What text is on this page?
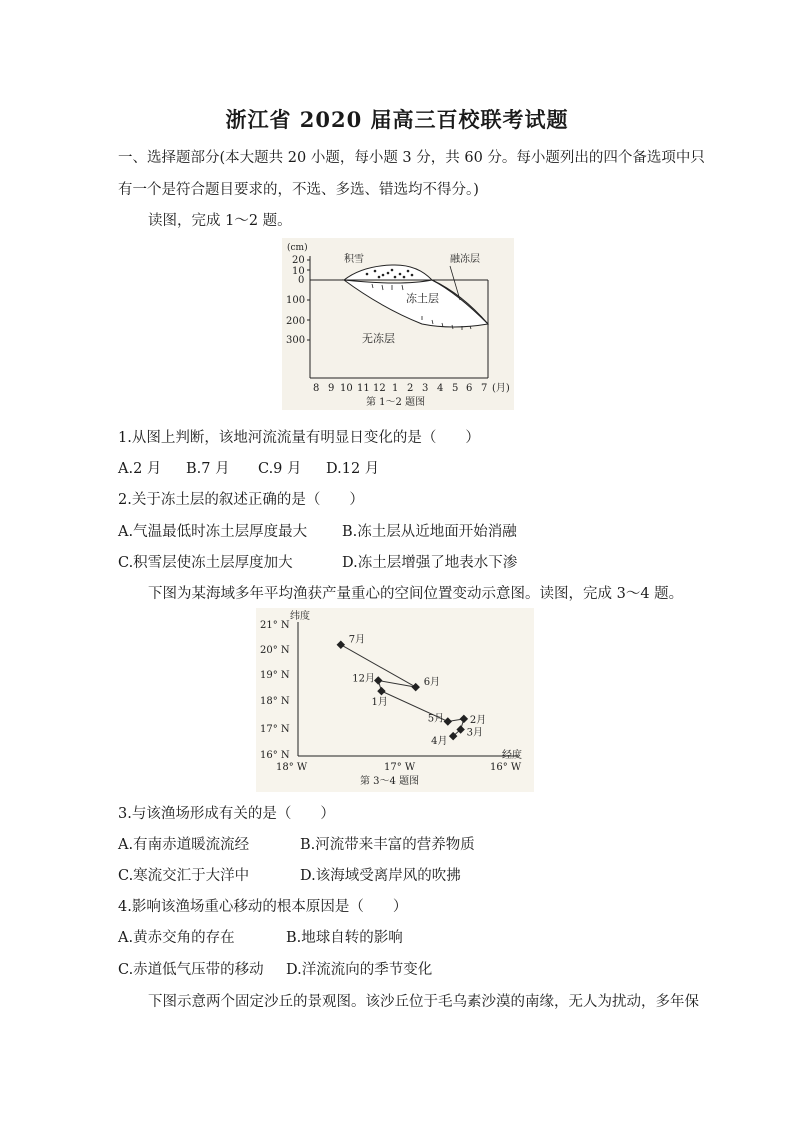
浙江省 2020 届高三百校联考试题
一、选择题部分(本大题共 20 小题，每小题 3 分，共 60 分。每小题列出的四个备选项中只
有一个是符合题目要求的，不选、多选、错选均不得分。)
读图，完成 1～2 题。
(cm)
20
10
0
100
200
300
积雪	融冻层
冻土层
无冻层
8 9 10 11 12 1 2 3 4 5 6 7 (月)
第 1～2 题图
1.从图上判断，该地河流流量有明显日变化的是（　　）
A.2 月 B.7 月 C.9 月 D.12 月
2.关于冻土层的叙述正确的是（　　）
A.气温最低时冻土层厚度最大 B.冻土层从近地面开始消融
C.积雪层使冻土层厚度加大	D.冻土层增强了地表水下渗
下图为某海域多年平均渔获产量重心的空间位置变动示意图。读图，完成 3～4 题。
纬度
经度
21° N
20° N
19° N
18° N
17° N
16° N
18° W	17° W	16° W
7月
6月
12月
1月
2月
5月
3月
4月
第 3～4 题图
3.与该渔场形成有关的是（　　）
A.有南赤道暖流流经	B.河流带来丰富的营养物质
C.寒流交汇于大洋中	D.该海域受离岸风的吹拂
4.影响该渔场重心移动的根本原因是（　　）
A.黄赤交角的存在	B.地球自转的影响
C.赤道低气压带的移动 D.洋流流向的季节变化
下图示意两个固定沙丘的景观图。该沙丘位于毛乌素沙漠的南缘，无人为扰动，多年保
